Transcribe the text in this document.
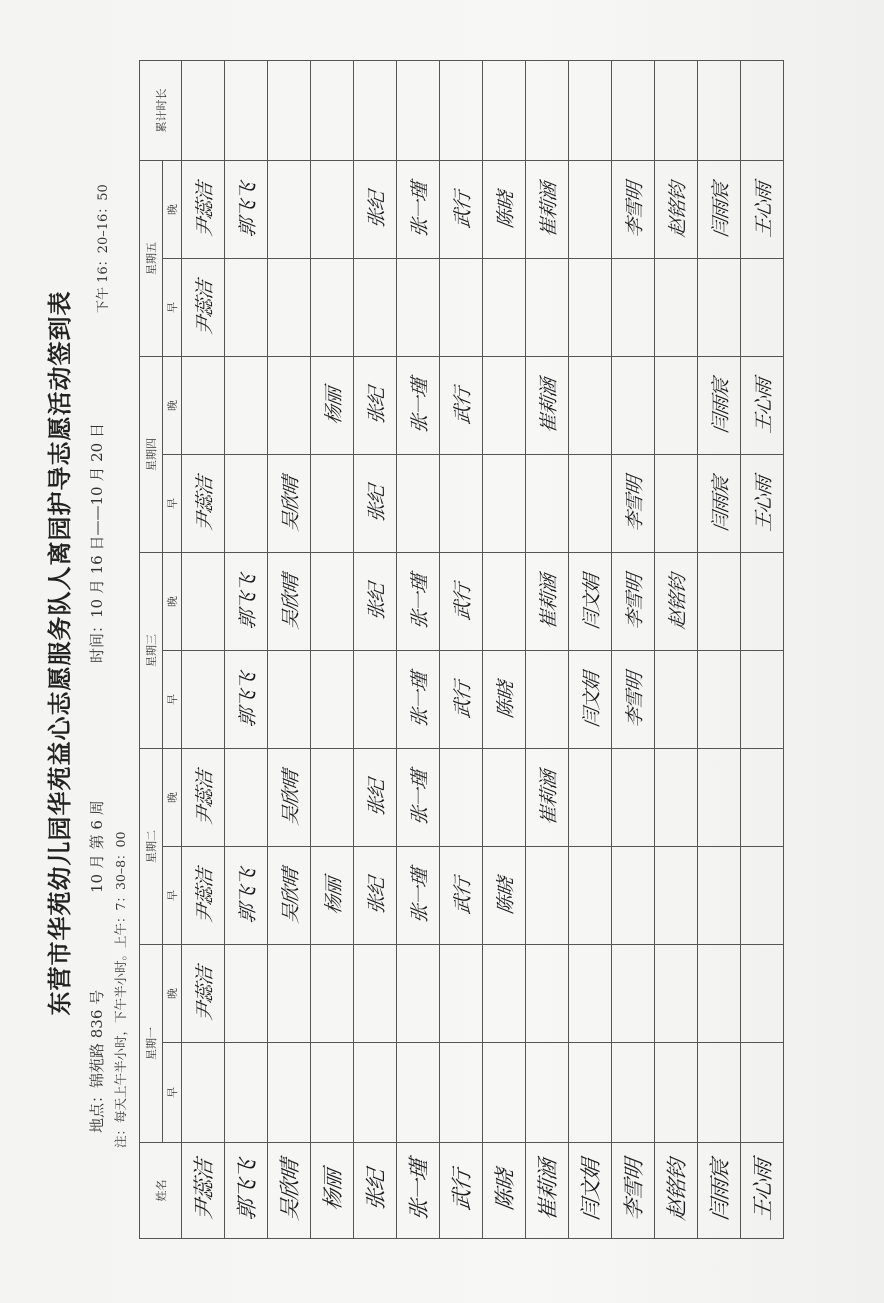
东营市华苑幼儿园华苑益心志愿服务队人离园护导志愿活动签到表
地点：锦苑路 836 号
10 月 第 6 周
时间：10 月 16 日——10 月 20 日
下午 16：20–16：50
注：每天上午半小时，下午半小时。上午：7：30–8：00
姓名	星期一		星期二		星期三		星期四		星期五		累计时长
	早	晚	早	晚	早	晚	早	晚	早	晚	
尹蕊洁		尹蕊洁	尹蕊洁	尹蕊洁			尹蕊洁		尹蕊洁	尹蕊洁	
郭飞飞			郭飞飞		郭飞飞	郭飞飞				郭飞飞	
吴欣晴			吴欣晴	吴欣晴		吴欣晴	吴欣晴				
杨丽			杨丽					杨丽			
张纪			张纪	张纪		张纪	张纪	张纪		张纪	
张一瑾			张一瑾	张一瑾	张一瑾	张一瑾		张一瑾		张一瑾	
武行			武行		武行	武行		武行		武行	
陈晓			陈晓		陈晓					陈晓	
崔莉涵				崔莉涵		崔莉涵		崔莉涵		崔莉涵	
闫文娟					闫文娟	闫文娟					
李雪明					李雪明	李雪明	李雪明			李雪明	
赵铭钧						赵铭钧				赵铭钧	
闫雨宸							闫雨宸	闫雨宸		闫雨宸	
王心雨							王心雨	王心雨		王心雨	
